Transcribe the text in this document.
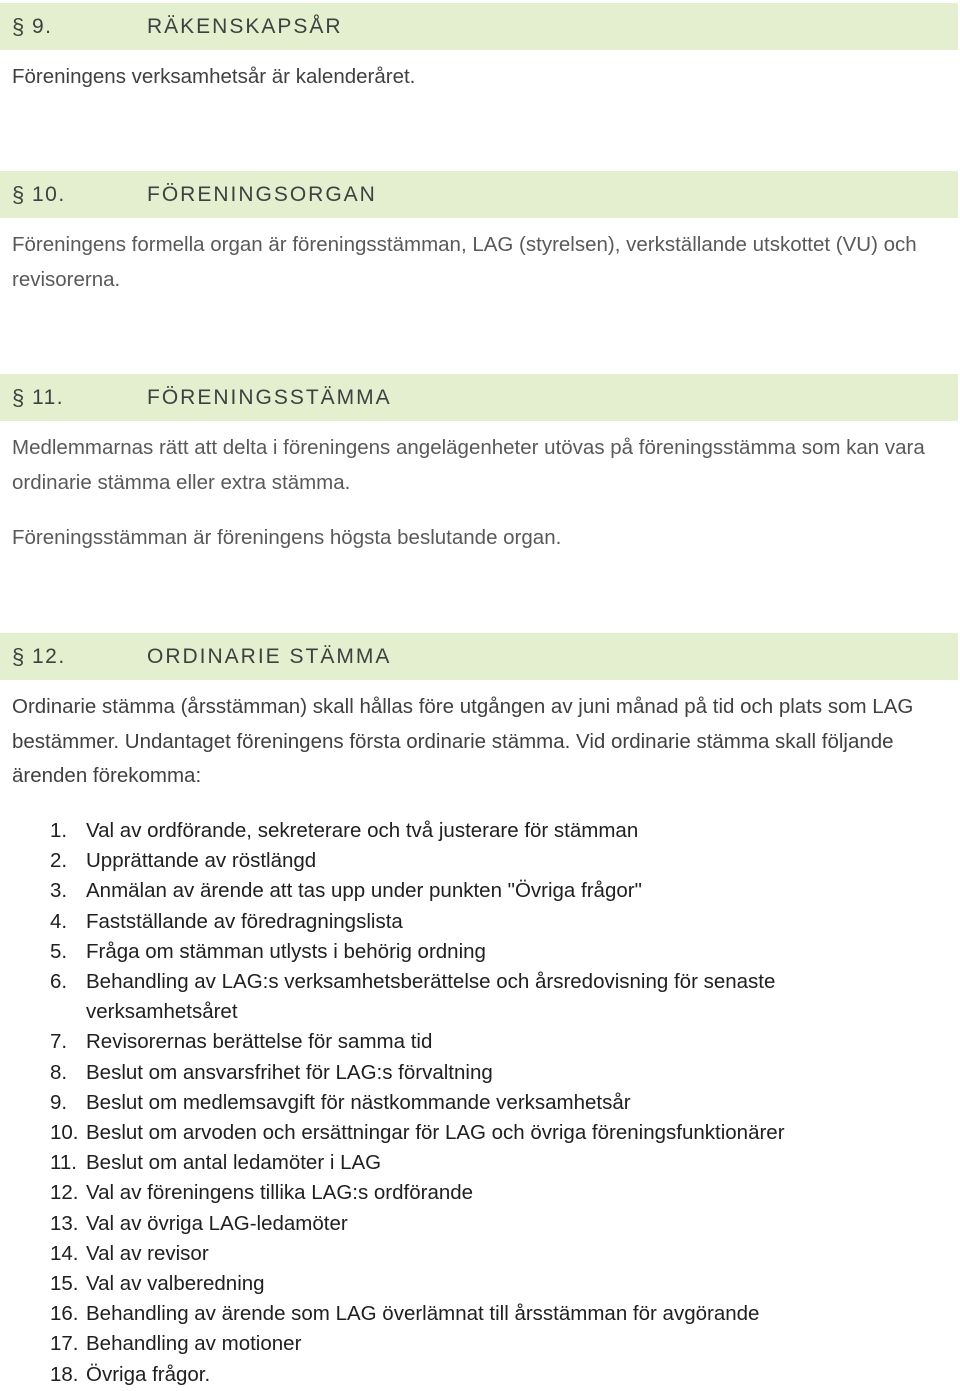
§ 9.	RÄKENSKAPSÅR

Föreningens verksamhetsår är kalenderåret.

§ 10.	FÖRENINGSORGAN

Föreningens formella organ är föreningsstämman, LAG (styrelsen), verkställande utskottet (VU) och revisorerna.

§ 11.	FÖRENINGSSTÄMMA

Medlemmarnas rätt att delta i föreningens angelägenheter utövas på föreningsstämma som kan vara ordinarie stämma eller extra stämma.

Föreningsstämman är föreningens högsta beslutande organ.

§ 12.	ORDINARIE STÄMMA

Ordinarie stämma (årsstämman) skall hållas före utgången av juni månad på tid och plats som LAG bestämmer. Undantaget föreningens första ordinarie stämma. Vid ordinarie stämma skall följande ärenden förekomma:

1. Val av ordförande, sekreterare och två justerare för stämman
2. Upprättande av röstlängd
3. Anmälan av ärende att tas upp under punkten "Övriga frågor"
4. Fastställande av föredragningslista
5. Fråga om stämman utlysts i behörig ordning
6. Behandling av LAG:s verksamhetsberättelse och årsredovisning för senaste verksamhetsåret
7. Revisorernas berättelse för samma tid
8. Beslut om ansvarsfrihet för LAG:s förvaltning
9. Beslut om medlemsavgift för nästkommande verksamhetsår
10. Beslut om arvoden och ersättningar för LAG och övriga föreningsfunktionärer
11. Beslut om antal ledamöter i LAG
12. Val av föreningens tillika LAG:s ordförande
13. Val av övriga LAG-ledamöter
14. Val av revisor
15. Val av valberedning
16. Behandling av ärende som LAG överlämnat till årsstämman för avgörande
17. Behandling av motioner
18. Övriga frågor.
